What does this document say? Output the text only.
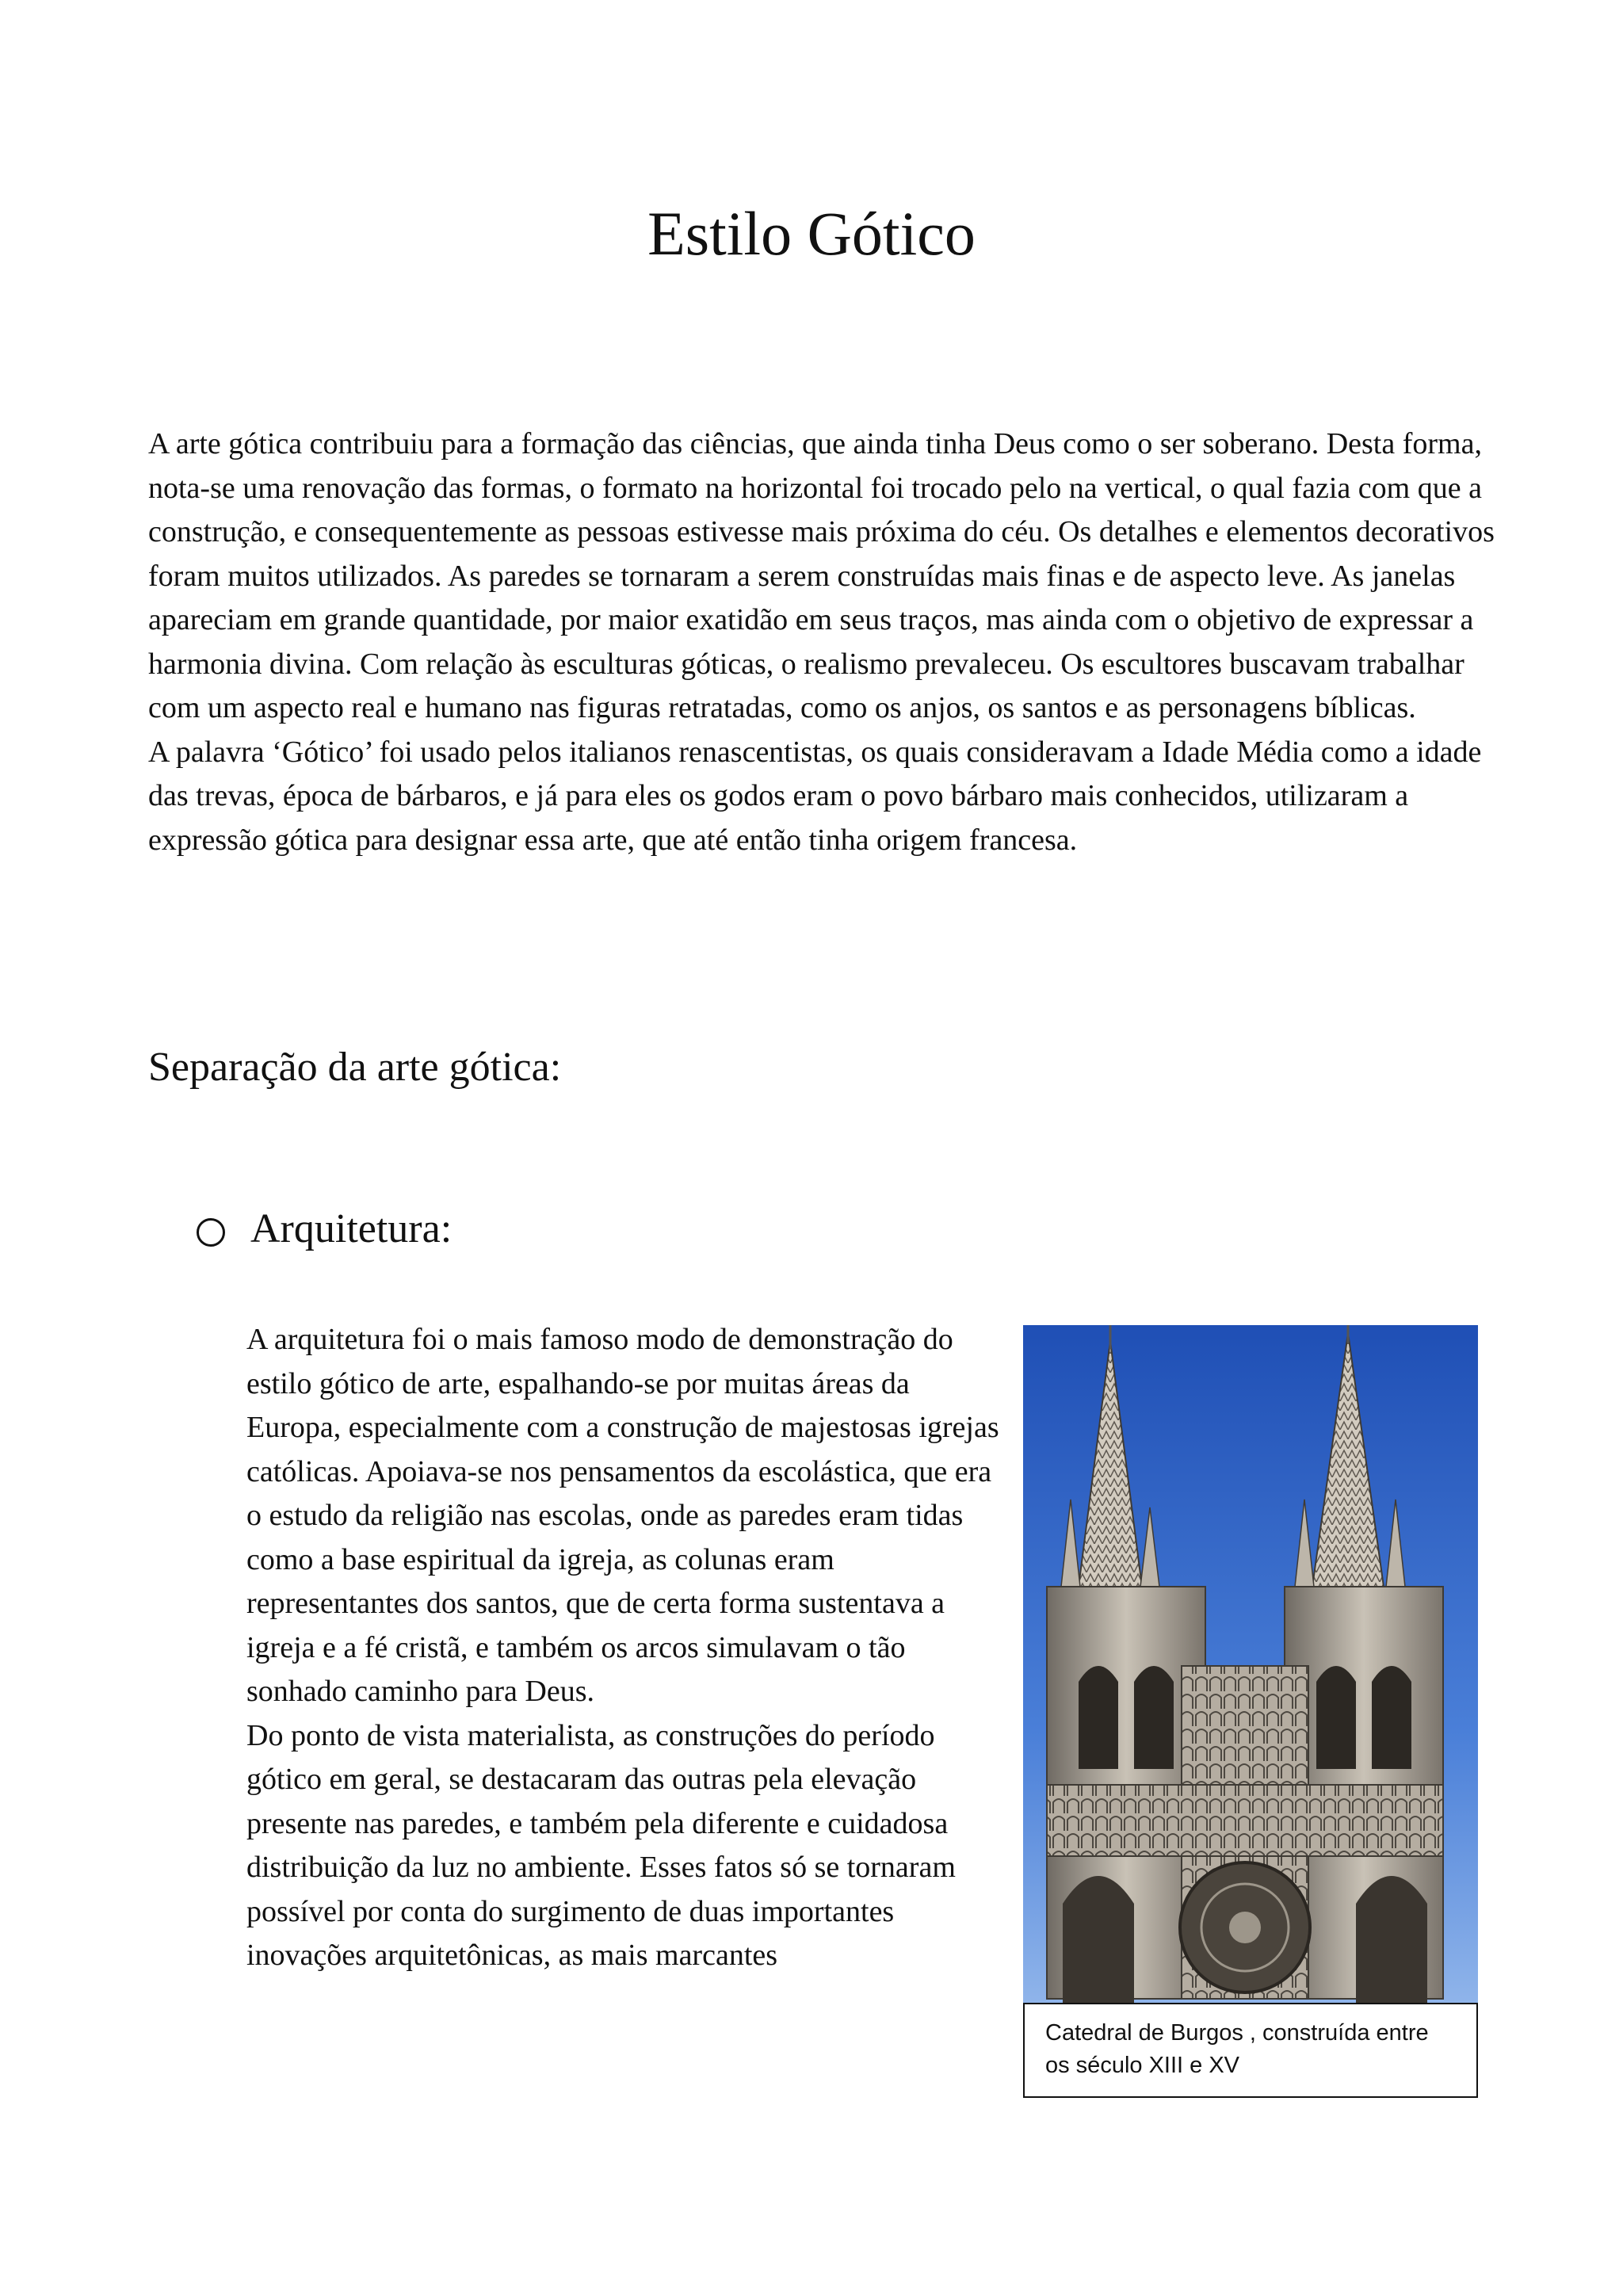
Estilo Gótico

A arte gótica contribuiu para a formação das ciências, que ainda tinha Deus como o ser soberano. Desta forma, nota-se uma renovação das formas, o formato na horizontal foi trocado pelo na vertical, o qual fazia com que a construção, e consequentemente as pessoas estivesse mais próxima do céu. Os detalhes e elementos decorativos foram muitos utilizados. As paredes se tornaram a serem construídas mais finas e de aspecto leve. As janelas apareciam em grande quantidade, por maior exatidão em seus traços, mas ainda com o objetivo de expressar a harmonia divina. Com relação às esculturas góticas, o realismo prevaleceu. Os escultores buscavam trabalhar com um aspecto real e humano nas figuras retratadas, como os anjos, os santos e as personagens bíblicas.

A palavra ‘Gótico’ foi usado pelos italianos renascentistas, os quais consideravam a Idade Média como a idade das trevas, época de bárbaros, e já para eles os godos eram o povo bárbaro mais conhecidos, utilizaram a expressão gótica para designar essa arte, que até então tinha origem francesa.

Separação da arte gótica:
Arquitetura:

A arquitetura foi o mais famoso modo de demonstração do estilo gótico de arte, espalhando-se por muitas áreas da Europa, especialmente com a construção de majestosas igrejas católicas. Apoiava-se nos pensamentos da escolástica, que era o estudo da religião nas escolas, onde as paredes eram tidas como a base espiritual da igreja, as colunas eram representantes dos santos, que de certa forma sustentava a igreja e a fé cristã, e também os arcos simulavam o tão sonhado caminho para Deus.

Do ponto de vista materialista, as construções do período gótico em geral, se destacaram das outras pela elevação presente nas paredes, e também pela diferente e cuidadosa distribuição da luz no ambiente. Esses fatos só se tornaram possível por conta do surgimento de duas importantes inovações arquitetônicas, as mais marcantes

Catedral de Burgos , construída entre os século XIII e XV
